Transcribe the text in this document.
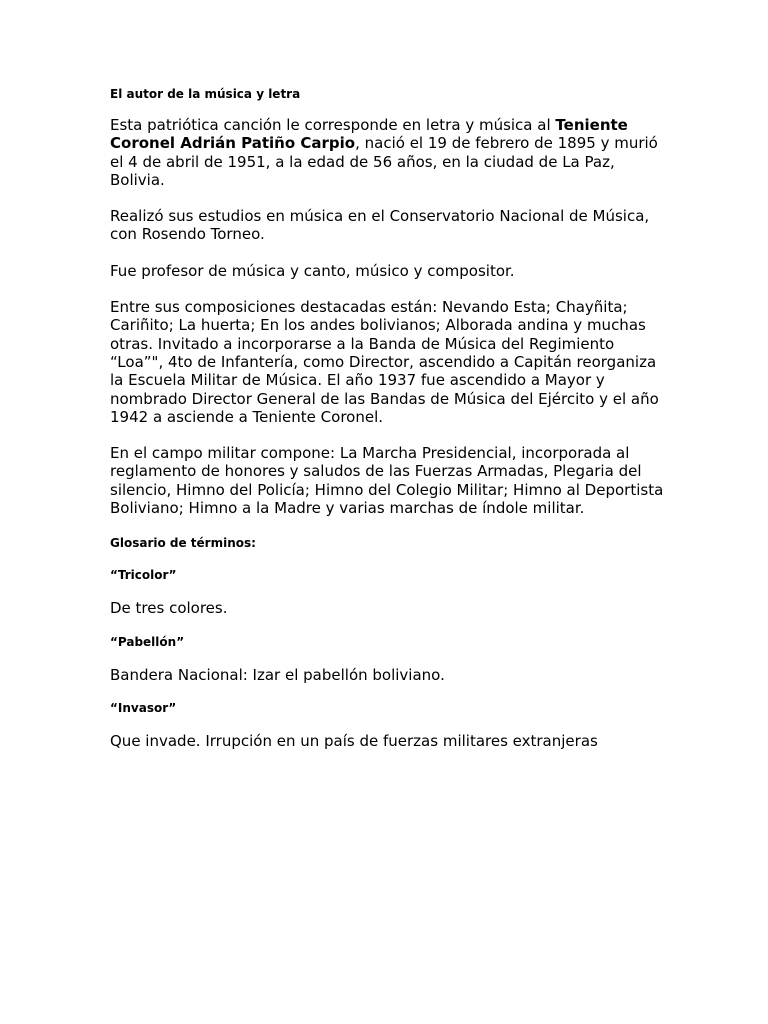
El autor de la música y letra

Esta patriótica canción le corresponde en letra y música al Teniente Coronel Adrián Patiño Carpio, nació el 19 de febrero de 1895 y murió el 4 de abril de 1951, a la edad de 56 años, en la ciudad de La Paz, Bolivia.

Realizó sus estudios en música en el Conservatorio Nacional de Música, con Rosendo Torneo.

Fue profesor de música y canto, músico y compositor.

Entre sus composiciones destacadas están: Nevando Esta; Chayñita; Cariñito; La huerta; En los andes bolivianos; Alborada andina y muchas otras. Invitado a incorporarse a la Banda de Música del Regimiento “Loa”", 4to de Infantería, como Director, ascendido a Capitán reorganiza la Escuela Militar de Música. El año 1937 fue ascendido a Mayor y nombrado Director General de las Bandas de Música del Ejército y el año 1942 a asciende a Teniente Coronel.

En el campo militar compone: La Marcha Presidencial, incorporada al reglamento de honores y saludos de las Fuerzas Armadas, Plegaria del silencio, Himno del Policía; Himno del Colegio Militar; Himno al Deportista Boliviano; Himno a la Madre y varias marchas de índole militar.

Glosario de términos:

“Tricolor”

De tres colores.

“Pabellón”

Bandera Nacional: Izar el pabellón boliviano.

“Invasor”

Que invade. Irrupción en un país de fuerzas militares extranjeras
